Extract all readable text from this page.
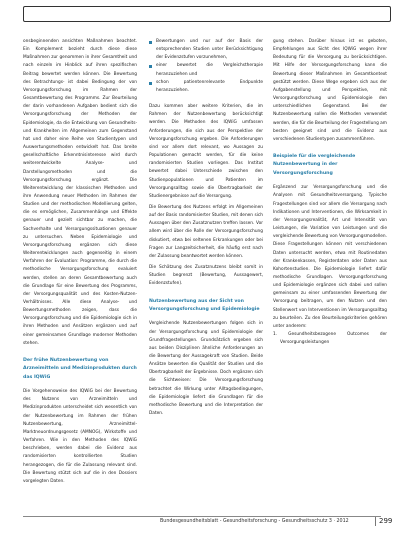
onsbeginnenden ansichten Maßnahmen beachtet. Ein Komplement bezieht durch diese diese Maßnahmen zur genommen in ihrer Gesamtheit und nach einzeln im Hinblick auf ihren spezifischen Beitrag bewertet werden können. Die Bewertung des Betrachtungs- ist dabei Bedingung der von Versorgungsforschung im Rahmen der Gesamtbewertung des Programms. Zur Beurteilung der darin vorhandenen Aufgaben bedient sich die Versorgungsforschung der Methoden der Epidemiologie, da die Entwicklung von Gesundheits- und Krankheiten im Allgemeinen zum Gegenstand hat und daher eine Reihe von Studientypen und Auswertungsmethoden entwickelt hat. Das breite gesellschaftliche Erkenntnisinteresse wird durch weiterentwickelte Analyse- und Darstellungsmethoden und die Versorgungsforschung ergänzt. Die Weiterentwicklung der klassischen Methoden und ihre Anwendung neuer Methoden im Rahmen der Studien und der methodischen Modellierung gelten, die es ermöglichen, Zusammenhänge und Effekte genauer und gezielt sichtbar zu machen, die Sachverhalte und Versorgungssituationen genauer zu untersuchen. Neben Epidemiologie und Versorgungsforschung ergänzen sich diese Weiterentwicklungen auch gegenseitig in einem Verfahren der Evaluation: Programme, die durch die methodische Versorgungsforschung evaluiert werden, stellen an deren Gesamtbewertung auch die Grundlage für eine Bewertung des Programms, der Versorgungsqualität und des Kosten-Nutzen-Verhältnisses. Alle diese Analyse- und Bewertungsmethoden zeigen, dass die Versorgungsforschung und die Epidemiologie sich in ihren Methoden und Ansätzen ergänzen und auf einer gemeinsamen Grundlage moderner Methoden stehen.

Der frühe Nutzenbewertung von Arzneimitteln und Medizinprodukten durch das IQWiG

Die Vorgehensweise des IQWiG bei der Bewertung des Nutzens von Arzneimitteln und Medizinprodukten unterscheidet sich wesentlich von der Nutzenbewertung im Rahmen der frühen Nutzenbewertung, Arzneimittel-Marktneuordnungsgesetz (AMNOG), Wirkstoffe und Verfahren. Wie in den Methoden des IQWiG beschrieben, werden dabei die Evidenz aus randomisierten kontrollierten Studien herangezogen, die für die Zulassung relevant sind. Die Bewertung stützt sich auf die in den Dossiers vorgelegten Daten.

Bewertungen und nur auf der Basis der entsprechenden Studien unter Berücksichtigung der Evidenzstufen vorzunehmen,
einer bewertet die Vergleichstherapie heranzuziehen und
schon patientenrelevante Endpunkte heranzuziehen.

Dazu kommen aber weitere Kriterien, die im Rahmen der Nutzenbewertung berücksichtigt werden. Die Methoden des IQWiG umfassen Anforderungen, die sich aus der Perspektive der Versorgungsforschung ergeben. Die Anforderungen sind vor allem dort relevant, wo Aussagen zu Populationen gemacht werden, für die keine randomisierten Studien vorliegen. Das Institut bewertet dabei Unterschiede zwischen den Studienpopulationen und Patienten im Versorgungsalltag sowie die Übertragbarkeit der Studienergebnisse auf die Versorgung.

Die Bewertung des Nutzens erfolgt im Allgemeinen auf der Basis randomisierter Studien, mit denen sich Aussagen über den Zusatznutzen treffen lassen. Vor allem wird über die Rolle der Versorgungsforschung diskutiert, etwa bei seltenen Erkrankungen oder bei Fragen zur Langzeitsicherheit, die häufig erst nach der Zulassung beantwortet werden können.

Die Schätzung des Zusatznutzens bleibt somit in Studien begrenzt (Bewertung, Aussagewert, Evidenzstufen).

Nutzenbewertung aus der Sicht von Versorgungsforschung und Epidemiologie

Vergleichende Nutzenbewertungen folgen sich in der Versorgungsforschung und Epidemiologie der Grundfragestellungen. Grundsätzlich ergeben sich aus beiden Disziplinen ähnliche Anforderungen an die Bewertung der Aussagekraft von Studien. Beide Ansätze bewerten die Qualität der Studien und die Übertragbarkeit der Ergebnisse. Doch ergänzen sich die Sichtweisen: Die Versorgungsforschung betrachtet die Wirkung unter Alltagsbedingungen, die Epidemiologie liefert die Grundlagen für die methodische Bewertung und die Interpretation der Daten.

gung stehen. Darüber hinaus ist es geboten, Empfehlungen aus Sicht des IQWiG wegen ihrer Bedeutung für die Versorgung zu berücksichtigen. Mit Hilfe der Versorgungsforschung kann die Bewertung dieser Maßnahmen im Gesamtkontext gestützt werden. Diese Wege ergeben sich aus der Aufgabenstellung und Perspektive, mit Versorgungsforschung und Epidemiologie den unterschiedlichen Gegenstand. Bei der Nutzenbewertung sollen die Methoden verwendet werden, die für die Beurteilung der Fragestellung am besten geeignet sind und die Evidenz aus verschiedenen Studientypen zusammenführen.

Beispiele für die vergleichende Nutzenbewertung in der Versorgungsforschung

Ergänzend zur Versorgungsforschung und die Analysen mit Gesundheitsversorgung. Typische Fragestellungen sind vor allem die Versorgung nach Indikationen und Interventionen, die Wirksamkeit in der Versorgungsrealität, Art und Intensität von Leistungen, die Variation von Leistungen und die vergleichende Bewertung von Versorgungsmodellen. Diese Fragestellungen können mit verschiedenen Daten untersucht werden, etwa mit Routinedaten der Krankenkassen, Registerdaten oder Daten aus Kohortenstudien. Die Epidemiologie liefert dafür methodische Grundlagen. Versorgungsforschung und Epidemiologie ergänzen sich dabei und sollen gemeinsam zu einer umfassenden Bewertung der Versorgung beitragen, um den Nutzen und den Stellenwert von Interventionen im Versorgungsalltag zu beurteilen. Zu den Beurteilungskriterien gehören unter anderem:

1. Gesundheitsbezogene Outcomes der Versorgungsleistungen
Bundesgesundheitsblatt - Gesundheitsforschung - Gesundheitsschutz 3 · 2012	299
